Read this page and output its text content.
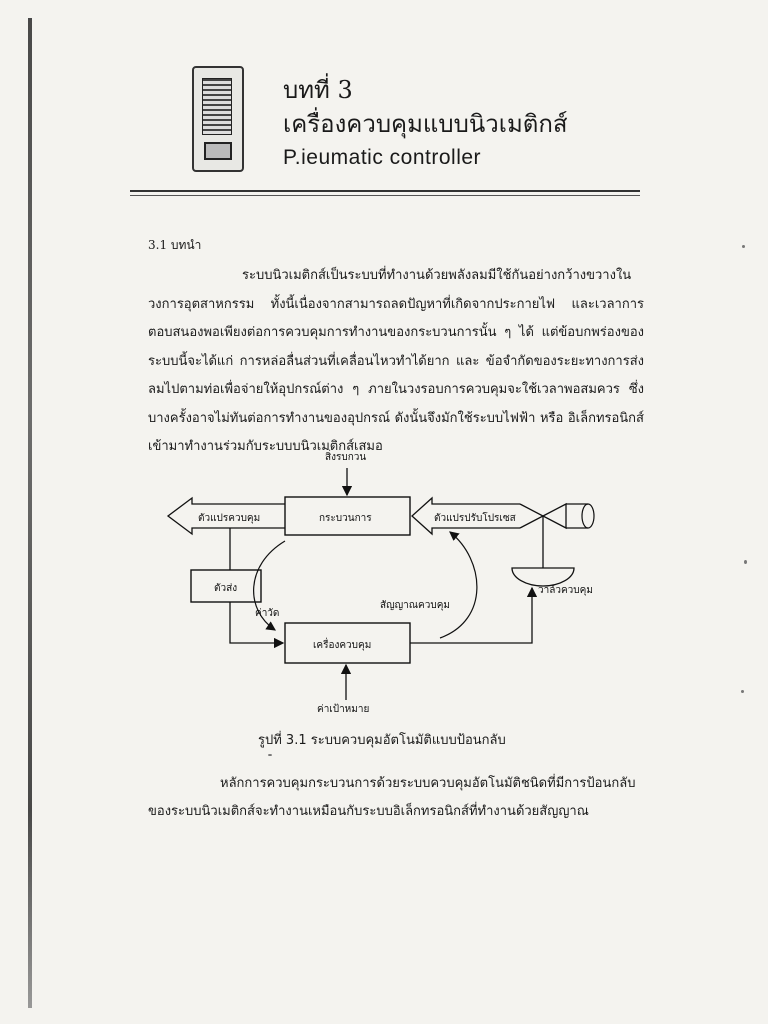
บทที่ 3
เครื่องควบคุมแบบนิวเมติกส์
P.ieumatic controller
3.1 บทนำ
ระบบนิวเมติกส์เป็นระบบที่ทำงานด้วยพลังลมมีใช้กันอย่างกว้างขวางในวงการอุตสาหกรรม ทั้งนี้เนื่องจากสามารถลดปัญหาที่เกิดจากประกายไฟ และเวลาการตอบสนองพอเพียงต่อการควบคุมการทำงานของกระบวนการนั้น ๆ ได้ แต่ข้อบกพร่องของระบบนี้จะได้แก่ การหล่อลื่นส่วนที่เคลื่อนไหวทำได้ยาก และ ข้อจำกัดของระยะทางการส่งลมไปตามท่อเพื่อจ่ายให้อุปกรณ์ต่าง ๆ ภายในวงรอบการควบคุมจะใช้เวลาพอสมควร ซึ่งบางครั้งอาจไม่ทันต่อการทำงานของอุปกรณ์ ดังนั้นจึงมักใช้ระบบไฟฟ้า หรือ อิเล็กทรอนิกส์เข้ามาทำงานร่วมกับระบบบนิวเมติกส์เสมอ
สิ่งรบกวน
กระบวนการ
ตัวแปรควบคุม	ตัวแปรปรับโปรเซส
วาล์วควบคุม
ตัวส่ง
ค่าวัด
เครื่องควบคุม
ค่าเป้าหมาย
สัญญาณควบคุม
รูปที่ 3.1 ระบบควบคุมอัตโนมัติแบบป้อนกลับ
หลักการควบคุมกระบวนการด้วยระบบควบคุมอัตโนมัติชนิดที่มีการป้อนกลับของระบบนิวเมติกส์จะทำงานเหมือนกับระบบอิเล็กทรอนิกส์ที่ทำงานด้วยสัญญาณ
